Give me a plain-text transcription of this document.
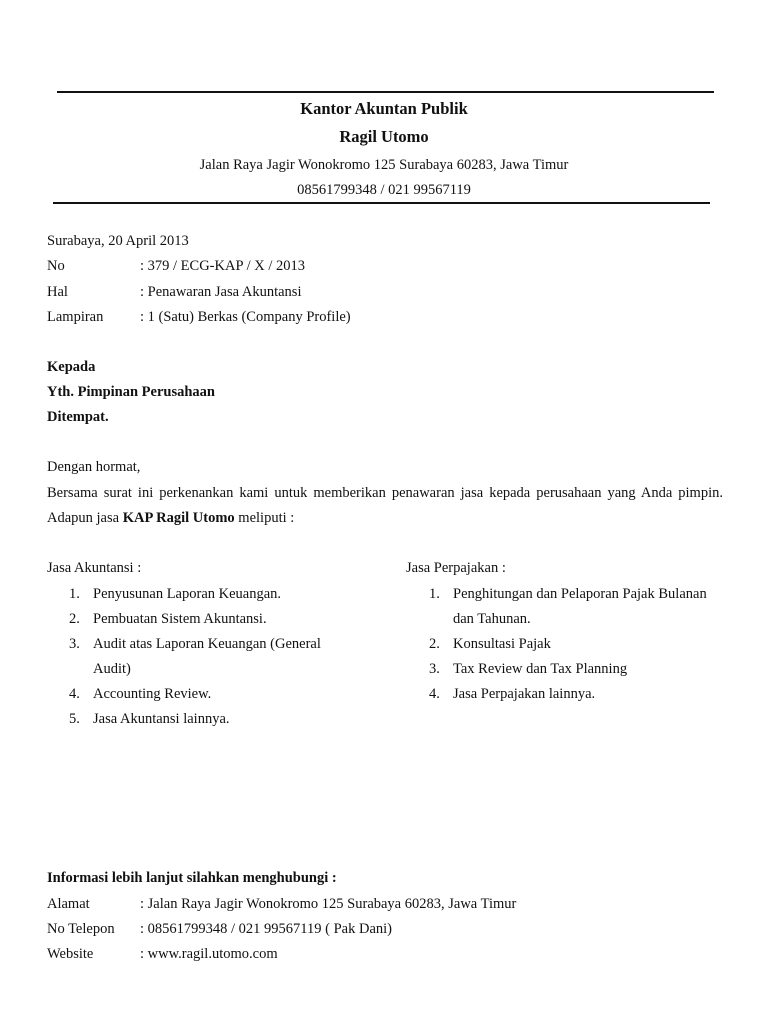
Kantor Akuntan Publik
Ragil Utomo
Jalan Raya Jagir Wonokromo 125 Surabaya 60283, Jawa Timur
08561799348 / 021 99567119
Surabaya, 20 April 2013
No	: 379 / ECG-KAP / X / 2013
Hal	: Penawaran Jasa Akuntansi
Lampiran	: 1 (Satu) Berkas (Company Profile)
Kepada
Yth. Pimpinan Perusahaan
Ditempat.
Dengan hormat,
Bersama surat ini perkenankan kami untuk memberikan penawaran jasa kepada perusahaan yang Anda pimpin. Adapun jasa KAP Ragil Utomo meliputi :
Jasa Akuntansi :
1. Penyusunan Laporan Keuangan.
2. Pembuatan Sistem Akuntansi.
3. Audit atas Laporan Keuangan (General Audit)
4. Accounting Review.
5. Jasa Akuntansi lainnya.
Jasa Perpajakan :
1. Penghitungan dan Pelaporan Pajak Bulanan dan Tahunan.
2. Konsultasi Pajak
3. Tax Review dan Tax Planning
4. Jasa Perpajakan lainnya.
Informasi lebih lanjut silahkan menghubungi :
Alamat	: Jalan Raya Jagir Wonokromo 125 Surabaya 60283, Jawa Timur
No Telepon : 08561799348 / 021 99567119 ( Pak Dani)
Website	: www.ragil.utomo.com
